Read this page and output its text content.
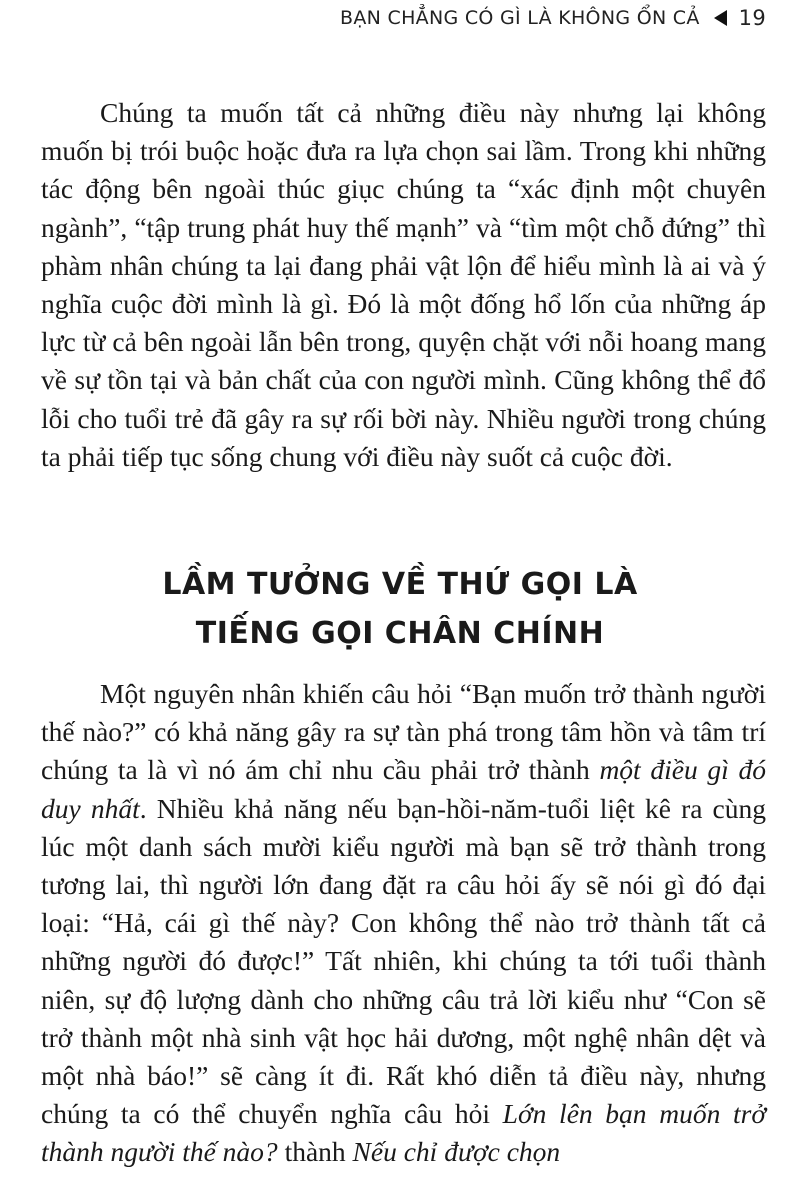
BẠN CHẲNG CÓ GÌ LÀ KHÔNG ỔN CẢ 19

Chúng ta muốn tất cả những điều này nhưng lại không muốn bị trói buộc hoặc đưa ra lựa chọn sai lầm. Trong khi những tác động bên ngoài thúc giục chúng ta “xác định một chuyên ngành”, “tập trung phát huy thế mạnh” và “tìm một chỗ đứng” thì phàm nhân chúng ta lại đang phải vật lộn để hiểu mình là ai và ý nghĩa cuộc đời mình là gì. Đó là một đống hổ lốn của những áp lực từ cả bên ngoài lẫn bên trong, quyện chặt với nỗi hoang mang về sự tồn tại và bản chất của con người mình. Cũng không thể đổ lỗi cho tuổi trẻ đã gây ra sự rối bời này. Nhiều người trong chúng ta phải tiếp tục sống chung với điều này suốt cả cuộc đời.

LẦM TƯỞNG VỀ THỨ GỌI LÀ
TIẾNG GỌI CHÂN CHÍNH

Một nguyên nhân khiến câu hỏi “Bạn muốn trở thành người thế nào?” có khả năng gây ra sự tàn phá trong tâm hồn và tâm trí chúng ta là vì nó ám chỉ nhu cầu phải trở thành một điều gì đó duy nhất. Nhiều khả năng nếu bạn-hồi-năm-tuổi liệt kê ra cùng lúc một danh sách mười kiểu người mà bạn sẽ trở thành trong tương lai, thì người lớn đang đặt ra câu hỏi ấy sẽ nói gì đó đại loại: “Hả, cái gì thế này? Con không thể nào trở thành tất cả những người đó được!” Tất nhiên, khi chúng ta tới tuổi thành niên, sự độ lượng dành cho những câu trả lời kiểu như “Con sẽ trở thành một nhà sinh vật học hải dương, một nghệ nhân dệt và một nhà báo!” sẽ càng ít đi. Rất khó diễn tả điều này, nhưng chúng ta có thể chuyển nghĩa câu hỏi Lớn lên bạn muốn trở thành người thế nào? thành Nếu chỉ được chọn
